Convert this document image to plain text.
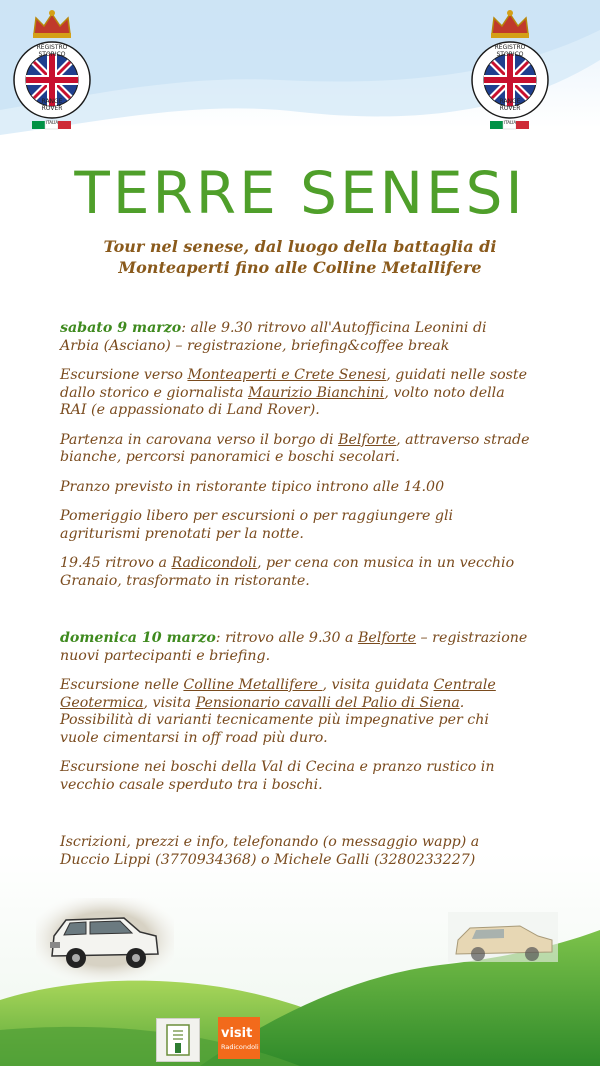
REGISTRO STORICO
RANGE ROVER
ITALIA
REGISTRO STORICO
RANGE ROVER
ITALIA
TERRE SENESI
Tour nel senese, dal luogo della battaglia di Monteaperti fino alle Colline Metallifere

sabato 9 marzo: alle 9.30 ritrovo all'Autofficina Leonini di Arbia (Asciano) – registrazione, briefing&coffee break

Escursione verso Monteaperti e Crete Senesi, guidati nelle soste dallo storico e giornalista Maurizio Bianchini, volto noto della RAI (e appassionato di Land Rover).

Partenza in carovana verso il borgo di Belforte, attraverso strade bianche, percorsi panoramici e boschi secolari.

Pranzo previsto in ristorante tipico introno alle 14.00

Pomeriggio libero per escursioni o per raggiungere gli agriturismi prenotati per la notte.

19.45 ritrovo a Radicondoli, per cena con musica in un vecchio Granaio, trasformato in ristorante.

domenica 10 marzo: ritrovo alle 9.30 a Belforte – registrazione nuovi partecipanti e briefing.

Escursione nelle Colline Metallifere , visita guidata Centrale Geotermica, visita Pensionario cavalli del Palio di Siena. Possibilità di varianti tecnicamente più impegnative per chi vuole cimentarsi in off road più duro.

Escursione nei boschi della Val di Cecina e pranzo rustico in vecchio casale sperduto tra i boschi.

Iscrizioni, prezzi e info, telefonando (o messaggio wapp) a Duccio Lippi (3770934368) o Michele Galli (3280233227)

visit
Radicondoli
